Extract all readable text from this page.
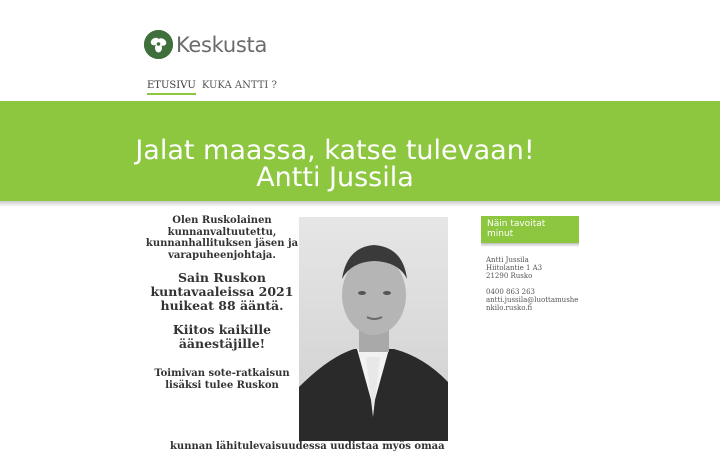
Keskusta
ETUSIVU KUKA ANTTI ?
Jalat maassa, katse tulevaan!
Antti Jussila

Olen Ruskolainen kunnanvaltuutettu, kunnanhallituksen jäsen ja varapuheenjohtaja.

Sain Ruskon kuntavaaleissa 2021 huikeat 88 ääntä.

Kiitos kaikille äänestäjille!

Toimivan sote-ratkaisun lisäksi tulee Ruskon

Näin tavoitat minut
Antti Jussila
Hiitolantie 1 A3
21290 Rusko
0400 863 263
antti.jussila@luottamushenkilo.rusko.fi
kunnan lähitulevaisuudessa uudistaa myös omaa
